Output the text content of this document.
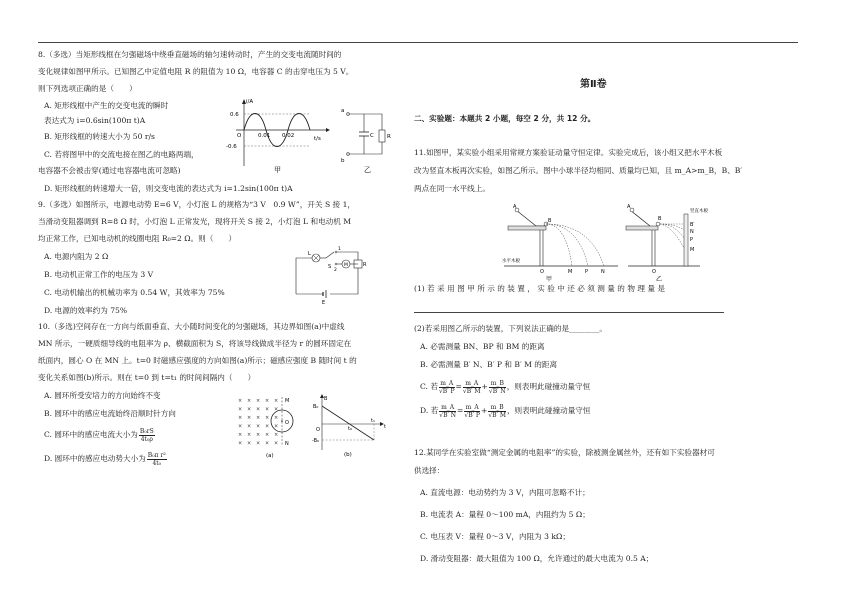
8.（多选）当矩形线框在匀强磁场中绕垂直磁场的轴匀速转动时，产生的交变电流随时间的
变化规律如图甲所示。已知图乙中定值电阻 R 的阻值为 10 Ω，电容器 C 的击穿电压为 5 V。
则下列选项正确的是（　　）
A. 矩形线框中产生的交变电流的瞬时
表达式为 i=0.6sin(100π t)A
B. 矩形线框的转速大小为 50 r/s
C. 若将图甲中的交流电接在图乙的电路两端，
电容器不会被击穿(通过电容器电流可忽略)
D. 矩形线框的转速增大一倍，则交变电流的表达式为 i=1.2sin(100π t)A
i/A
0.6
-0.6
O	0.01 0.02	t/s
甲
a
b
C R
乙
9.（多选）如图所示，电源电动势 E=6 V，小灯泡 L 的规格为“3 V　0.9 W”，开关 S 接 1，
当滑动变阻器调到 R=8 Ω 时，小灯泡 L 正常发光，现将开关 S 接 2，小灯泡 L 和电动机 M
均正常工作，已知电动机的线圈电阻 R₀=2 Ω。则（　　）
A. 电源内阻为 2 Ω
B. 电动机正常工作的电压为 3 V
C. 电动机输出的机械功率为 0.54 W，其效率为 75%
D. 电源的效率约为 75%
L
S
1
2
R
M
E
10.（多选)空间存在一方向与纸面垂直、大小随时间变化的匀强磁场，其边界如图(a)中虚线
MN 所示，一硬质细导线的电阻率为 ρ、横截面积为 S，将该导线做成半径为 r 的圆环固定在
纸面内，圆心 O 在 MN 上。t=0 时磁感应强度的方向如图(a)所示；磁感应强度 B 随时间 t 的
变化关系如图(b)所示。则在 t=0 到 t=t₁ 的时间间隔内（　　）
A. 圆环所受安培力的方向始终不变
B. 圆环中的感应电流始终沿顺时针方向
C. 圆环中的感应电流大小为 $\frac{\text{B₀rS}}{\text{4t₀ρ}}$
D. 圆环中的感应电动势大小为 $\frac{\text{B₀π r²}}{\text{4t₀}}$
× × × × ×
× × × × ×
× × × × ×
× × × × ×
× × × × ×
× × × × ×
M
N
O
(a)
B
B₀
-B₀
O	t₀
t₁
t
(b)
第Ⅱ卷
二、实验题：本题共 2 小题，每空 2 分，共 12 分。
11.如图甲，某实验小组采用常规方案验证动量守恒定律。实验完成后，该小组又把水平木板
改为竖直木板再次实验，如图乙所示。图中小球半径均相同、质量均已知，且 m_A>m_B，B、B′
两点在同一水平线上。
A
B
水平木板
O	M	P	N
甲
A
B
竖直木板
B′
N
P
M
O
乙
(1) 若 采 用 图 甲 所 示 的 装 置 ， 实 验 中 还 必 须 测 量 的 物 理 量 是
(2)若采用图乙所示的装置，下列说法正确的是________。
A. 必需测量 BN、BP 和 BM 的距离
B. 必需测量 B′ N、B′ P 和 B′ M 的距离
C. 若 $\frac{m\_A}{√B' P} = \frac{m\_A}{√B' M} + \frac{m\_B}{√B' N}$ ，则表明此碰撞动量守恒
D. 若 $\frac{m\_A}{√B' N} = \frac{m\_A}{√B' P} + \frac{m\_B}{√B' M}$ ，则表明此碰撞动量守恒
12.某同学在实验室做“测定金属的电阻率”的实验，除被测金属丝外，还有如下实验器材可
供选择：
A. 直流电源：电动势约为 3 V，内阻可忽略不计；
B. 电流表 A：量程 0～100 mA，内阻约为 5 Ω；
C. 电压表 V：量程 0～3 V，内阻为 3 kΩ；
D. 滑动变阻器：最大阻值为 100 Ω，允许通过的最大电流为 0.5 A；
